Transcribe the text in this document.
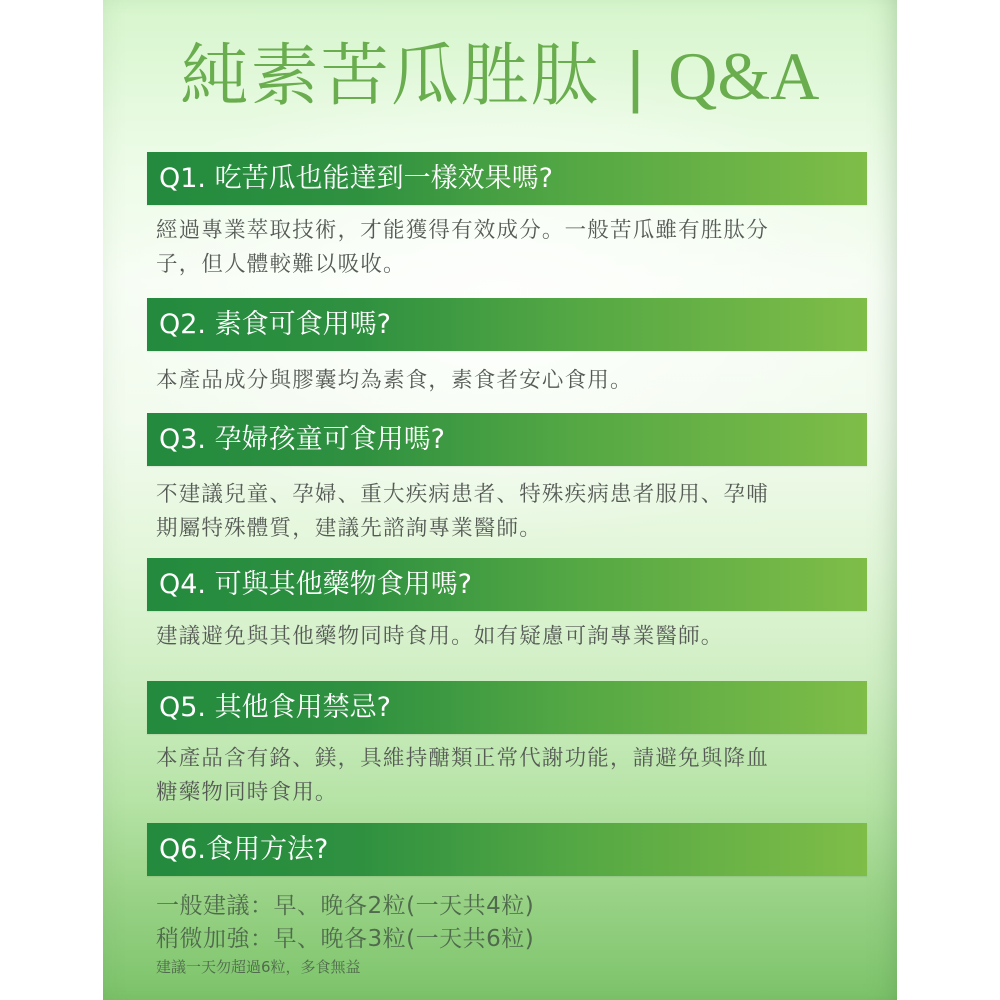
純素苦瓜胜肽 | Q&A
Q1. 吃苦瓜也能達到一樣效果嗎?
經過專業萃取技術，才能獲得有效成分。一般苦瓜雖有胜肽分
子，但人體較難以吸收。
Q2. 素食可食用嗎?
本產品成分與膠囊均為素食，素食者安心食用。
Q3. 孕婦孩童可食用嗎?
不建議兒童、孕婦、重大疾病患者、特殊疾病患者服用、孕哺
期屬特殊體質，建議先諮詢專業醫師。
Q4. 可與其他藥物食用嗎?
建議避免與其他藥物同時食用。如有疑慮可詢專業醫師。
Q5. 其他食用禁忌?
本產品含有鉻、鎂，具維持醣類正常代謝功能，請避免與降血
糖藥物同時食用。
Q6.食用方法?
一般建議：早、晚各2粒(一天共4粒)
稍微加強：早、晚各3粒(一天共6粒)
建議一天勿超過6粒，多食無益
